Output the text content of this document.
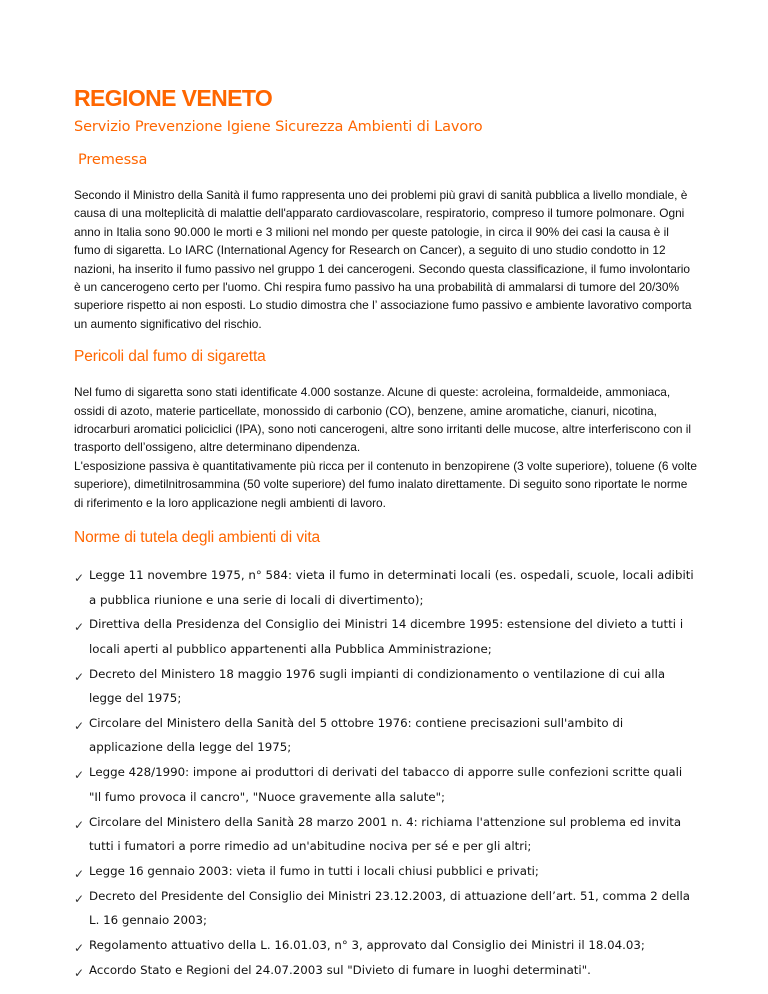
REGIONE VENETO
Servizio Prevenzione Igiene Sicurezza Ambienti di Lavoro
Premessa

Secondo il Ministro della Sanità il fumo rappresenta uno dei problemi più gravi di sanità pubblica a livello mondiale, è causa di una molteplicità di malattie dell'apparato cardiovascolare, respiratorio, compreso il tumore polmonare. Ogni anno in Italia sono 90.000 le morti e 3 milioni nel mondo per queste patologie, in circa il 90% dei casi la causa è il fumo di sigaretta. Lo IARC (International Agency for Research on Cancer), a seguito di uno studio condotto in 12 nazioni, ha inserito il fumo passivo nel gruppo 1 dei cancerogeni. Secondo questa classificazione, il fumo involontario è un cancerogeno certo per l'uomo. Chi respira fumo passivo ha una probabilità di ammalarsi di tumore del 20/30% superiore rispetto ai non esposti. Lo studio dimostra che l’ associazione fumo passivo e ambiente lavorativo comporta un aumento significativo del rischio.

Pericoli dal fumo di sigaretta

Nel fumo di sigaretta sono stati identificate 4.000 sostanze. Alcune di queste: acroleina, formaldeide, ammoniaca, ossidi di azoto, materie particellate, monossido di carbonio (CO), benzene, amine aromatiche, cianuri, nicotina, idrocarburi aromatici policiclici (IPA), sono noti cancerogeni, altre sono irritanti delle mucose, altre interferiscono con il trasporto dell’ossigeno, altre determinano dipendenza.

L'esposizione passiva è quantitativamente più ricca per il contenuto in benzopirene (3 volte superiore), toluene (6 volte superiore), dimetilnitrosammina (50 volte superiore) del fumo inalato direttamente. Di seguito sono riportate le norme di riferimento e la loro applicazione negli ambienti di lavoro.

Norme di tutela degli ambienti di vita
✓ Legge 11 novembre 1975, n° 584: vieta il fumo in determinati locali (es. ospedali, scuole, locali adibiti a pubblica riunione e una serie di locali di divertimento);
✓ Direttiva della Presidenza del Consiglio dei Ministri 14 dicembre 1995: estensione del divieto a tutti i locali aperti al pubblico appartenenti alla Pubblica Amministrazione;
✓ Decreto del Ministero 18 maggio 1976 sugli impianti di condizionamento o ventilazione di cui alla legge del 1975;
✓ Circolare del Ministero della Sanità del 5 ottobre 1976: contiene precisazioni sull'ambito di applicazione della legge del 1975;
✓ Legge 428/1990: impone ai produttori di derivati del tabacco di apporre sulle confezioni scritte quali "Il fumo provoca il cancro", "Nuoce gravemente alla salute";
✓ Circolare del Ministero della Sanità 28 marzo 2001 n. 4: richiama l'attenzione sul problema ed invita tutti i fumatori a porre rimedio ad un'abitudine nociva per sé e per gli altri;
✓ Legge 16 gennaio 2003: vieta il fumo in tutti i locali chiusi pubblici e privati;
✓ Decreto del Presidente del Consiglio dei Ministri 23.12.2003, di attuazione dell’art. 51, comma 2 della L. 16 gennaio 2003;
✓ Regolamento attuativo della L. 16.01.03, n° 3, approvato dal Consiglio dei Ministri il 18.04.03;
✓ Accordo Stato e Regioni del 24.07.2003 sul "Divieto di fumare in luoghi determinati".
